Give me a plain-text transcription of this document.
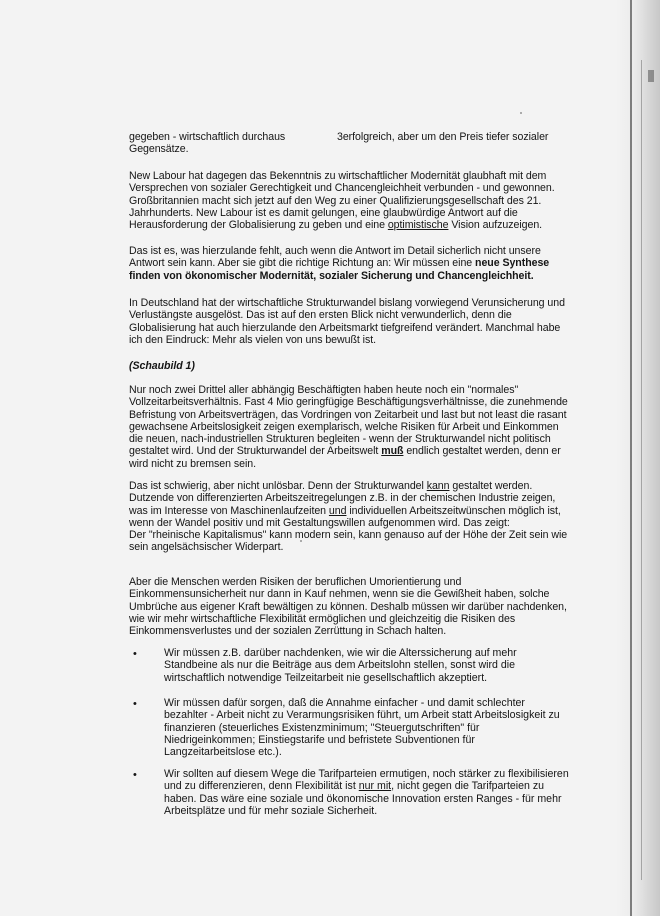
gegeben - wirtschaftlich durchaus	3erfolgreich, aber um den Preis tiefer sozialer
Gegensätze.

New Labour hat dagegen das Bekenntnis zu wirtschaftlicher Modernität glaubhaft mit dem Versprechen von sozialer Gerechtigkeit und Chancengleichheit verbunden - und gewonnen. Großbritannien macht sich jetzt auf den Weg zu einer Qualifizierungsgesellschaft des 21. Jahrhunderts. New Labour ist es damit gelungen, eine glaubwürdige Antwort auf die Herausforderung der Globalisierung zu geben und eine optimistische Vision aufzuzeigen.

Das ist es, was hierzulande fehlt, auch wenn die Antwort im Detail sicherlich nicht unsere Antwort sein kann. Aber sie gibt die richtige Richtung an: Wir müssen eine neue Synthese finden von ökonomischer Modernität, sozialer Sicherung und Chancengleichheit.

In Deutschland hat der wirtschaftliche Strukturwandel bislang vorwiegend Verunsicherung und Verlustängste ausgelöst. Das ist auf den ersten Blick nicht verwunderlich, denn die Globalisierung hat auch hierzulande den Arbeitsmarkt tiefgreifend verändert. Manchmal habe ich den Eindruck: Mehr als vielen von uns bewußt ist.
(Schaubild 1)

Nur noch zwei Drittel aller abhängig Beschäftigten haben heute noch ein "normales" Vollzeitarbeitsverhältnis. Fast 4 Mio geringfügige Beschäftigungsverhältnisse, die zunehmende Befristung von Arbeitsverträgen, das Vordringen von Zeitarbeit und last but not least die rasant gewachsene Arbeitslosigkeit zeigen exemplarisch, welche Risiken für Arbeit und Einkommen die neuen, nach-industriellen Strukturen begleiten - wenn der Strukturwandel nicht politisch gestaltet wird. Und der Strukturwandel der Arbeitswelt muß endlich gestaltet werden, denn er wird nicht zu bremsen sein.

Das ist schwierig, aber nicht unlösbar. Denn der Strukturwandel kann gestaltet werden. Dutzende von differenzierten Arbeitszeitregelungen z.B. in der chemischen Industrie zeigen, was im Interesse von Maschinenlaufzeiten und individuellen Arbeitszeitwünschen möglich ist, wenn der Wandel positiv und mit Gestaltungswillen aufgenommen wird. Das zeigt:

Der "rheinische Kapitalismus" kann modern sein, kann genauso auf der Höhe der Zeit sein wie sein angelsächsischer Widerpart.

Aber die Menschen werden Risiken der beruflichen Umorientierung und Einkommensunsicherheit nur dann in Kauf nehmen, wenn sie die Gewißheit haben, solche Umbrüche aus eigener Kraft bewältigen zu können. Deshalb müssen wir darüber nachdenken, wie wir mehr wirtschaftliche Flexibilität ermöglichen und gleichzeitig die Risiken des Einkommensverlustes und der sozialen Zerrüttung in Schach halten.
•	Wir müssen z.B. darüber nachdenken, wie wir die Alterssicherung auf mehr Standbeine als nur die Beiträge aus dem Arbeitslohn stellen, sonst wird die wirtschaftlich notwendige Teilzeitarbeit nie gesellschaftlich akzeptiert.
•	Wir müssen dafür sorgen, daß die Annahme einfacher - und damit schlechter bezahlter - Arbeit nicht zu Verarmungsrisiken führt, um Arbeit statt Arbeitslosigkeit zu finanzieren (steuerliches Existenzminimum; "Steuergutschriften" für Niedrigeinkommen; Einstiegstarife und befristete Subventionen für Langzeitarbeitslose etc.).
•	Wir sollten auf diesem Wege die Tarifparteien ermutigen, noch stärker zu flexibilisieren und zu differenzieren, denn Flexibilität ist nur mit, nicht gegen die Tarifparteien zu haben. Das wäre eine soziale und ökonomische Innovation ersten Ranges - für mehr Arbeitsplätze und für mehr soziale Sicherheit.
